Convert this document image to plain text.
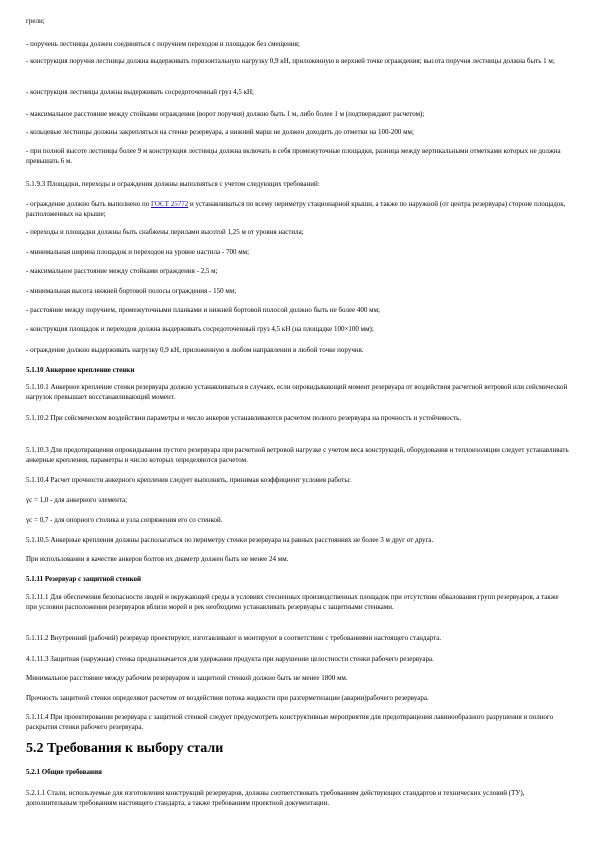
грели;
- поручень лестницы должен соединяться с поручнем переходов и площадок без смещения;
- конструкция поручня лестницы должна выдерживать горизонтальную нагрузку 0,9 кН, приложенную в верхней точке ограждения; высота поручня лестницы должна быть 1 м;
- конструкция лестницы должна выдерживать сосредоточенный груз 4,5 кН;
- максимальное расстояние между стойками ограждения (ворот поручня) должно быть 1 м, либо более 1 м (подтверждают расчетом);
- кольцевые лестницы должны закрепляться на стенке резервуара, а нижний марш не должен доходить до отметки на 100-200 мм;
- при полной высоте лестницы более 9 м конструкция лестницы должна включать в себя промежуточные площадки, разница между вертикальными отметками которых не должна превышать 6 м.
5.1.9.3 Площадки, переходы и ограждения должны выполняться с учетом следующих требований:
- ограждение должно быть выполнено по ГОСТ 25772 и устанавливаться по всему периметру стационарной крыши, а также по наружной (от центра резервуара) стороне площадок, расположенных на крыше;
- переходы и площадки должны быть снабжены перилами высотой 1,25 м от уровня настила;
- минимальная ширина площадок и переходов на уровне настила - 700 мм;
- максимальное расстояние между стойками ограждения - 2,5 м;
- минимальная высота нижней бортовой полосы ограждения - 150 мм;
- расстояние между поручнем, промежуточными планками и нижней бортовой полосой должно быть не более 400 мм;
- конструкция площадок и переходов должна выдерживать сосредоточенный груз 4,5 кН (на площадке 100×100 мм);
- ограждение должно выдерживать нагрузку 0,9 кН, приложенную в любом направлении в любой точке поручня.
5.1.10 Анкерное крепление стенки
5.1.10.1 Анкерное крепление стенки резервуара должно устанавливаться в случаях, если опрокидывающий момент резервуара от воздействия расчетной ветровой или сейсмической нагрузок превышает восстанавливающий момент.
5.1.10.2 При сейсмическом воздействии параметры и число анкеров устанавливаются расчетом полного резервуара на прочность и устойчивость.
5.1.10.3 Для предотвращения опрокидывания пустого резервуара при расчетной ветровой нагрузке с учетом веса конструкций, оборудования и теплоизоляции следует устанавливать анкерные крепления, параметры и число которых определяются расчетом.
5.1.10.4 Расчет прочности анкерного крепления следует выполнять, принимая коэффициент условия работы:
γc = 1,0 - для анкерного элемента;
γc = 0,7 - для опорного столика и узла сопряжения его со стенкой.
5.1.10.5 Анкерные крепления должны располагаться по периметру стенки резервуара на равных расстояниях не более 3 м друг от друга.
При использовании в качестве анкеров болтов их диаметр должен быть не менее 24 мм.
5.1.11 Резервуар с защитной стенкой
5.1.11.1 Для обеспечения безопасности людей и окружающей среды в условиях стесненных производственных площадок при отсутствии обвалования групп резервуаров, а также при условии расположения резервуаров вблизи морей и рек необходимо устанавливать резервуары с защитными стенками.
5.1.11.2 Внутренний (рабочий) резервуар проектируют, изготавливают и монтируют в соответствии с требованиями настоящего стандарта.
4.1.11.3 Защитная (наружная) стенка предназначается для удержания продукта при нарушении целостности стенки рабочего резервуара.
Минимальное расстояние между рабочим резервуаром и защитной стенкой должно быть не менее 1800 мм.
Прочность защитной стенки определяют расчетом от воздействия потока жидкости при разгерметизации (аварии)рабочего резервуара.
5.1.11.4 При проектировании резервуара с защитной стенкой следует предусмотреть конструктивные мероприятия для предотвращения лавинообразного разрушения и полного раскрытия стенки рабочего резервуара.
5.2 Требования к выбору стали
5.2.1 Общие требования
5.2.1.1 Стали, используемые для изготовления конструкций резервуаров, должны соответствовать требованиям действующих стандартов и технических условий (ТУ), дополнительным требованиям настоящего стандарта, а также требованиям проектной документации.
